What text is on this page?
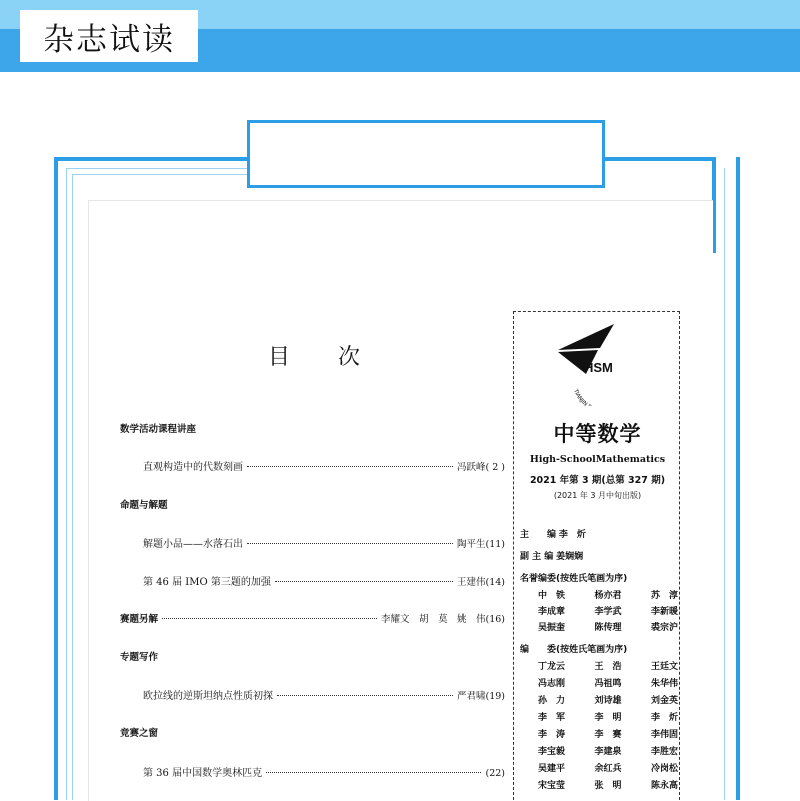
杂志试读
目次
数学活动课程讲座
直观构造中的代数刻画	冯跃峰 ( 2 )
命题与解题
解题小品——水落石出	陶平生 (11)
第 46 届 IMO 第三题的加强	王建伟 (14)
赛题另解	李耀文　胡　莫　姚　伟 (16)
专题写作
欧拉线的逆斯坦纳点性质初探	严君啸 (19)
竞赛之窗
第 36 届中国数学奥林匹克	(22)
TIANJIN.
HSM
中等数学
High-SchoolMathematics
2021 年第 3 期(总第 327 期)
(2021 年 3 月中旬出版)
主　　编 李　炘
副 主 编 姜娴娴
名誉编委(按姓氏笔画为序)
中　铁	杨亦君	苏　淳
李成章	李学武	李新暖
吴振奎	陈传理	裘宗沪
编　　委(按姓氏笔画为序)
丁龙云	王　浩	王廷文
冯志刚	冯祖鸣	朱华伟
孙　力	刘诗雄	刘金英
李　军	李　明	李　炘
李　涛	李　赛	李伟固
李宝毅	李建泉	李胜宏
吴建平	余红兵	冷岗松
宋宝莹	张　明	陈永高
